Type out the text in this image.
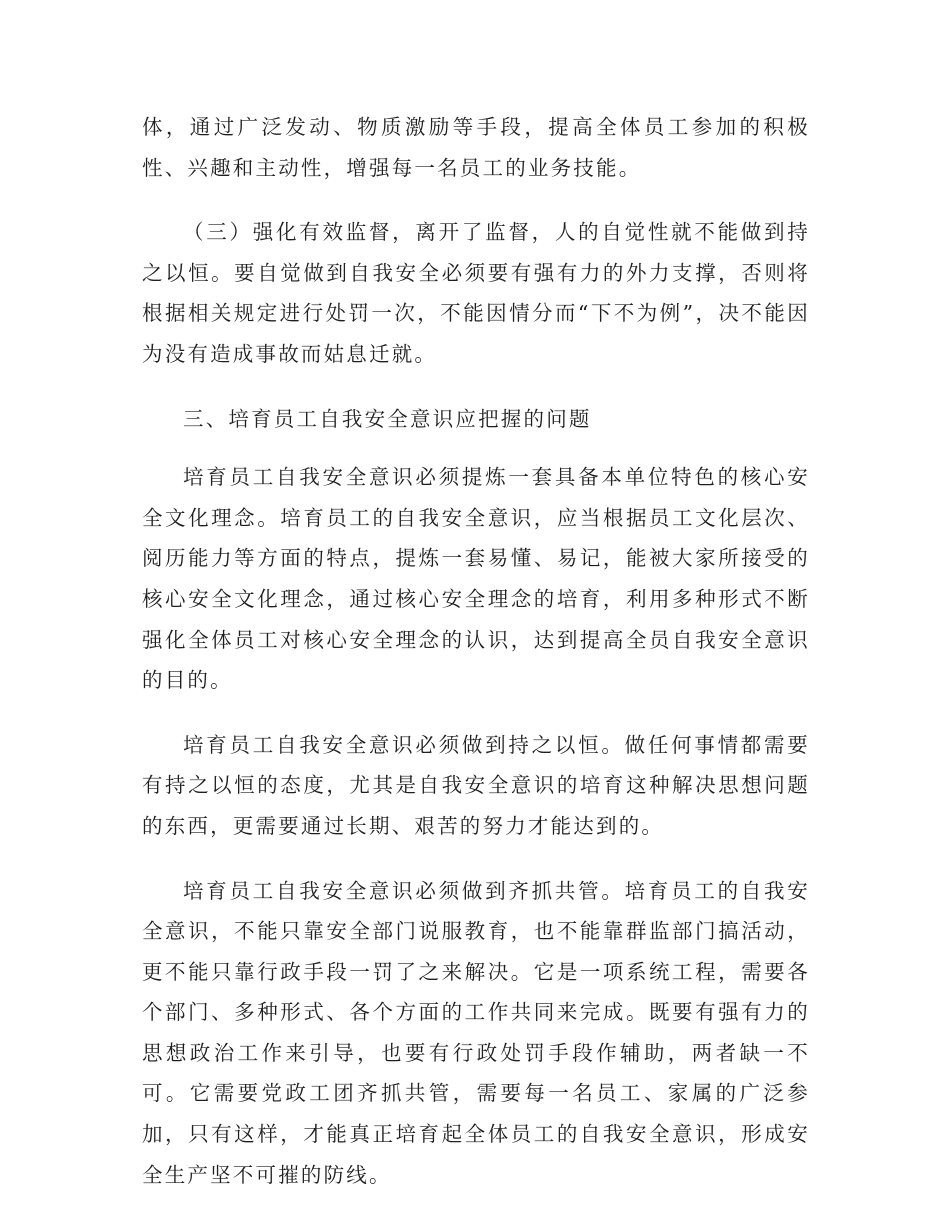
体，通过广泛发动、物质激励等手段，提高全体员工参加的积极性、兴趣和主动性，增强每一名员工的业务技能。

（三）强化有效监督，离开了监督，人的自觉性就不能做到持之以恒。要自觉做到自我安全必须要有强有力的外力支撑，否则将根据相关规定进行处罚一次，不能因情分而“下不为例”，决不能因为没有造成事故而姑息迁就。

三、培育员工自我安全意识应把握的问题

培育员工自我安全意识必须提炼一套具备本单位特色的核心安全文化理念。培育员工的自我安全意识，应当根据员工文化层次、阅历能力等方面的特点，提炼一套易懂、易记，能被大家所接受的核心安全文化理念，通过核心安全理念的培育，利用多种形式不断强化全体员工对核心安全理念的认识，达到提高全员自我安全意识的目的。

培育员工自我安全意识必须做到持之以恒。做任何事情都需要有持之以恒的态度，尤其是自我安全意识的培育这种解决思想问题的东西，更需要通过长期、艰苦的努力才能达到的。

培育员工自我安全意识必须做到齐抓共管。培育员工的自我安全意识，不能只靠安全部门说服教育，也不能靠群监部门搞活动，更不能只靠行政手段一罚了之来解决。它是一项系统工程，需要各个部门、多种形式、各个方面的工作共同来完成。既要有强有力的思想政治工作来引导，也要有行政处罚手段作辅助，两者缺一不可。它需要党政工团齐抓共管，需要每一名员工、家属的广泛参加，只有这样，才能真正培育起全体员工的自我安全意识，形成安全生产坚不可摧的防线。
